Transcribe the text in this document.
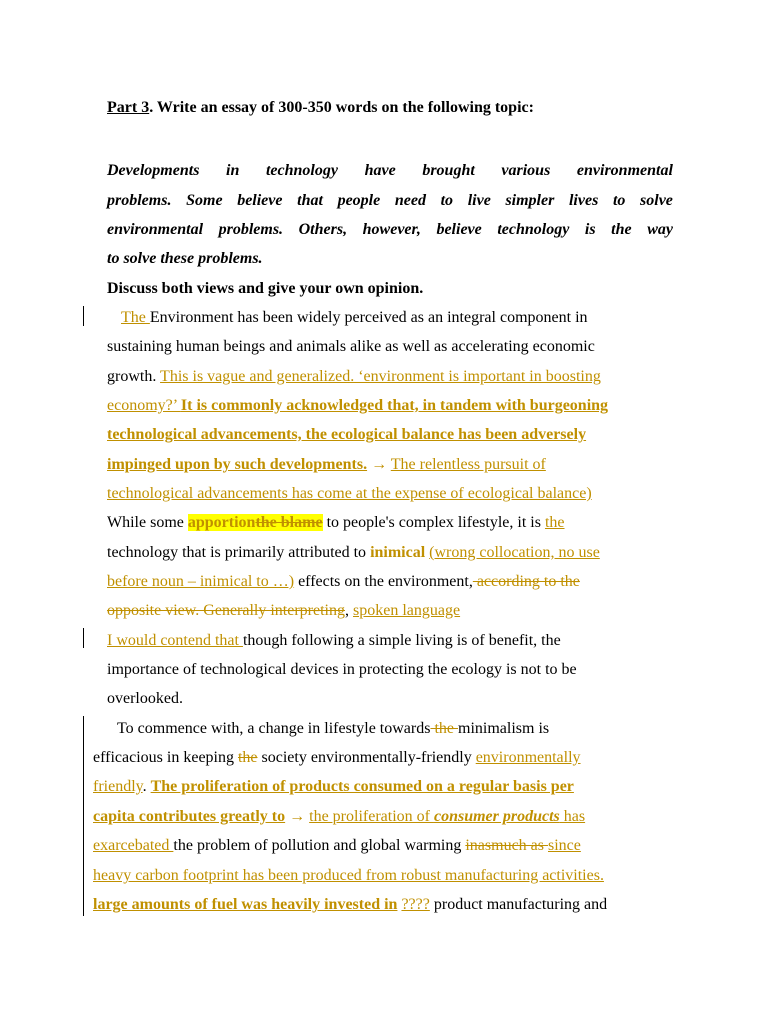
Part 3. Write an essay of 300-350 words on the following topic:
Developments in technology have brought various environmental
problems. Some believe that people need to live simpler lives to solve
environmental problems. Others, however, believe technology is the way
to solve these problems.
Discuss both views and give your own opinion.
The Environment has been widely perceived as an integral component in
sustaining human beings and animals alike as well as accelerating economic
growth. This is vague and generalized. ‘environment is important in boosting
economy?’ It is commonly acknowledged that, in tandem with burgeoning
technological advancements, the ecological balance has been adversely
impinged upon by such developments. → The relentless pursuit of
technological advancements has come at the expense of ecological balance)
While some apportionthe blame to people's complex lifestyle, it is the
technology that is primarily attributed to inimical (wrong collocation, no use
before noun – inimical to …) effects on the environment, according to the
opposite view. Generally interpreting, spoken language
I would contend that though following a simple living is of benefit, the
importance of technological devices in protecting the ecology is not to be
overlooked.
To commence with, a change in lifestyle towards the minimalism is
efficacious in keeping the society environmentally-friendly environmentally
friendly. The proliferation of products consumed on a regular basis per
capita contributes greatly to → the proliferation of consumer products has
exarcebated the problem of pollution and global warming inasmuch as since
heavy carbon footprint has been produced from robust manufacturing activities.
large amounts of fuel was heavily invested in ???? product manufacturing and
